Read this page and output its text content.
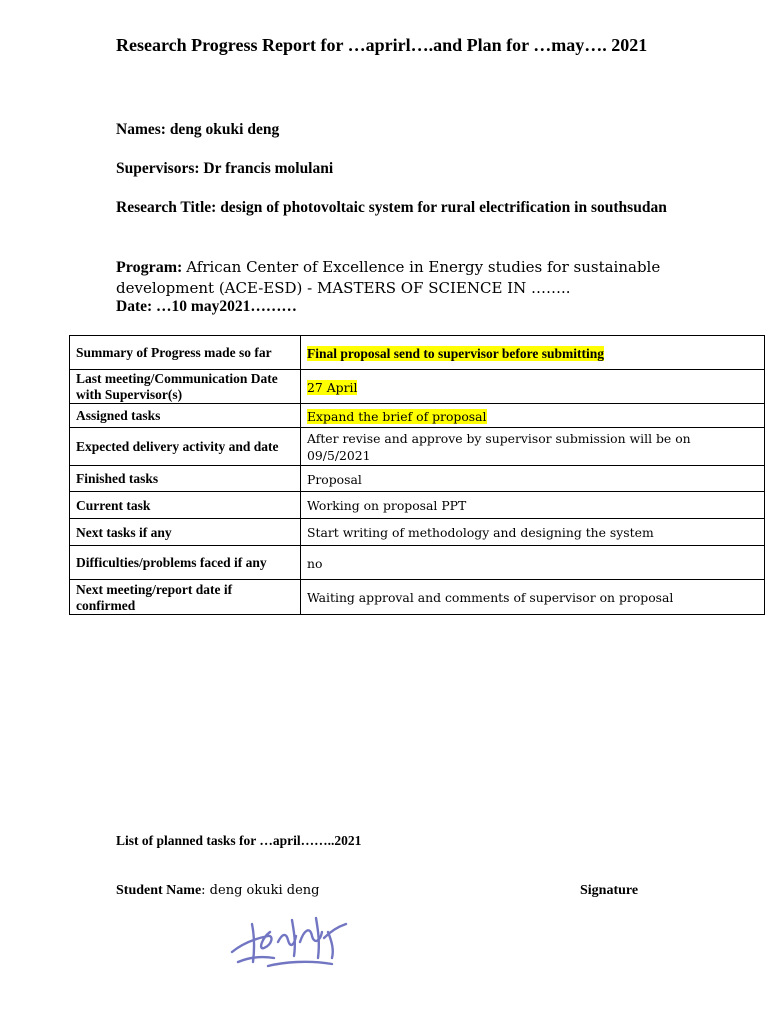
Research Progress Report for …aprirl….and Plan for …may…. 2021
Names: deng okuki deng
Supervisors: Dr francis molulani
Research Title: design of photovoltaic system for rural electrification in southsudan
Program: African Center of Excellence in Energy studies for sustainable development (ACE-ESD) - MASTERS OF SCIENCE IN ……..
Date: …10 may2021………
Summary of Progress made so far	Final proposal send to supervisor before submitting
Last meeting/Communication Date with Supervisor(s)	27 April
Assigned tasks	Expand the brief of proposal
Expected delivery activity and date	After revise and approve by supervisor submission will be on 09/5/2021
Finished tasks	Proposal
Current task	Working on proposal PPT
Next tasks if any	Start writing of methodology and designing the system
Difficulties/problems faced if any	no
Next meeting/report date if confirmed	Waiting approval and comments of supervisor on proposal
List of planned tasks for …april……..2021
Student Name: deng okuki deng	Signature
